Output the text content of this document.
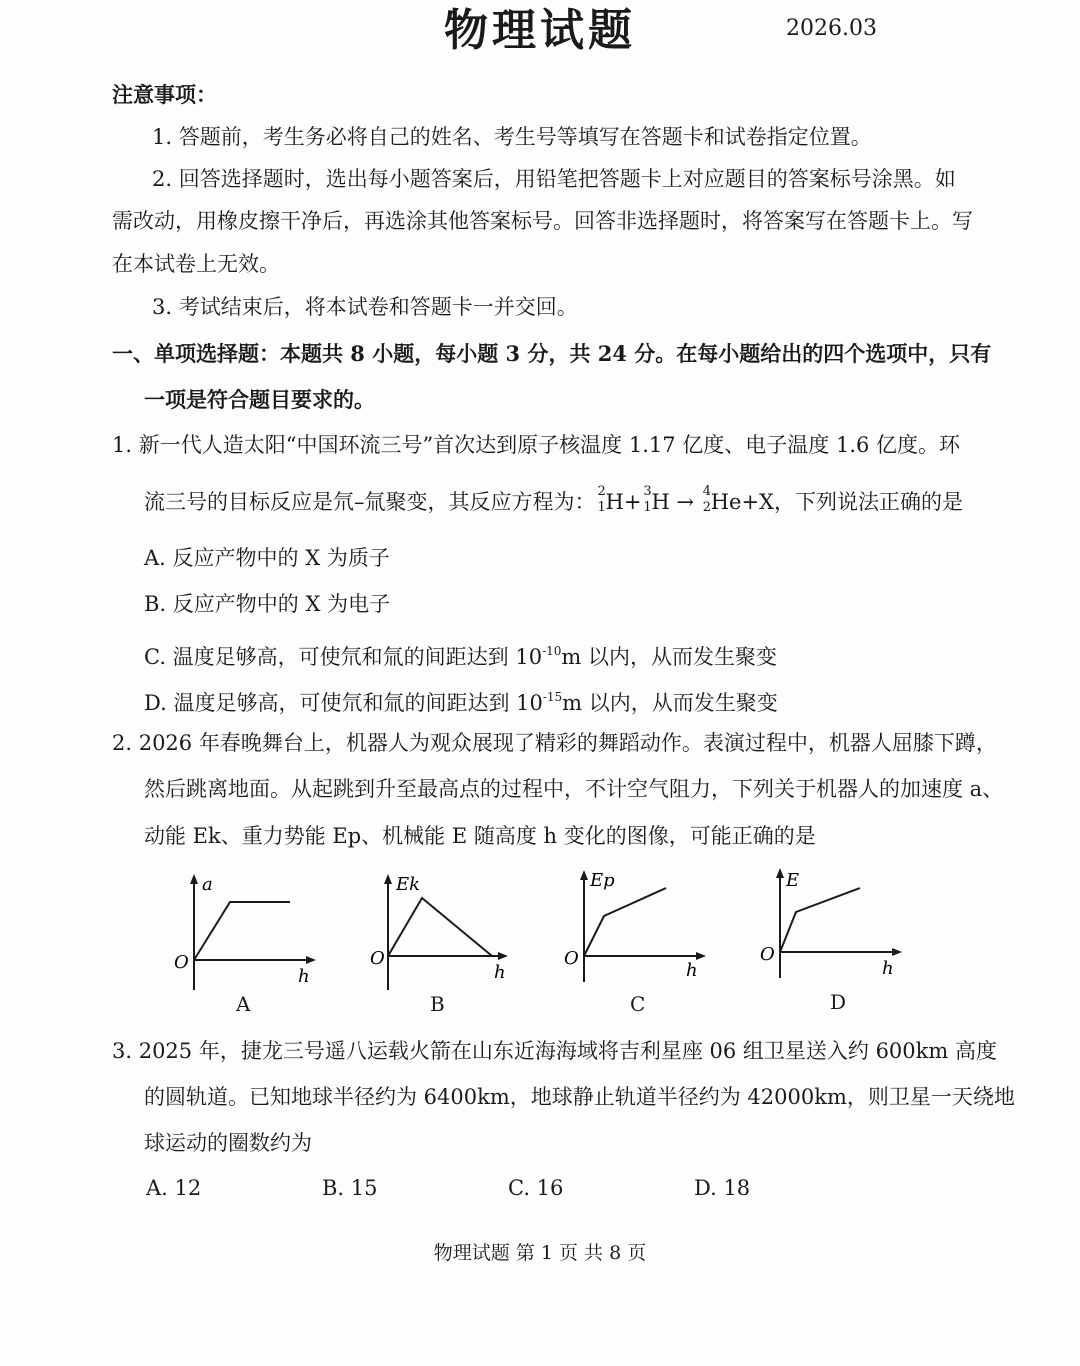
物理试题	2026.03
注意事项：
1. 答题前，考生务必将自己的姓名、考生号等填写在答题卡和试卷指定位置。
2. 回答选择题时，选出每小题答案后，用铅笔把答题卡上对应题目的答案标号涂黑。如
需改动，用橡皮擦干净后，再选涂其他答案标号。回答非选择题时，将答案写在答题卡上。写
在本试卷上无效。
3. 考试结束后，将本试卷和答题卡一并交回。
一、单项选择题：本题共 8 小题，每小题 3 分，共 24 分。在每小题给出的四个选项中，只有
一项是符合题目要求的。
1. 新一代人造太阳“中国环流三号”首次达到原子核温度 1.17 亿度、电子温度 1.6 亿度。环
流三号的目标反应是氘–氚聚变，其反应方程为： 2
1 H+ 3
1 H → 4
2 He+X，下列说法正确的是
A. 反应产物中的 X 为质子
B. 反应产物中的 X 为电子
C. 温度足够高，可使氘和氚的间距达到 $10^{-10}m$ 以内，从而发生聚变
D. 温度足够高，可使氘和氚的间距达到 $10^{-15}m$ 以内，从而发生聚变
2. 2026 年春晚舞台上，机器人为观众展现了精彩的舞蹈动作。表演过程中，机器人屈膝下蹲，
然后跳离地面。从起跳到升至最高点的过程中，不计空气阻力，下列关于机器人的加速度 a、
动能 Ek、重力势能 Ep、机械能 E 随高度 h 变化的图像，可能正确的是
a
O
h
A
Ek
O
h
B
Ep
O
h
C
E
O
h
D
3. 2025 年，捷龙三号遥八运载火箭在山东近海海域将吉利星座 06 组卫星送入约 600km 高度
的圆轨道。已知地球半径约为 6400km，地球静止轨道半径约为 42000km，则卫星一天绕地
球运动的圈数约为
A. 12	B. 15	C. 16	D. 18
物理试题 第 1 页 共 8 页
